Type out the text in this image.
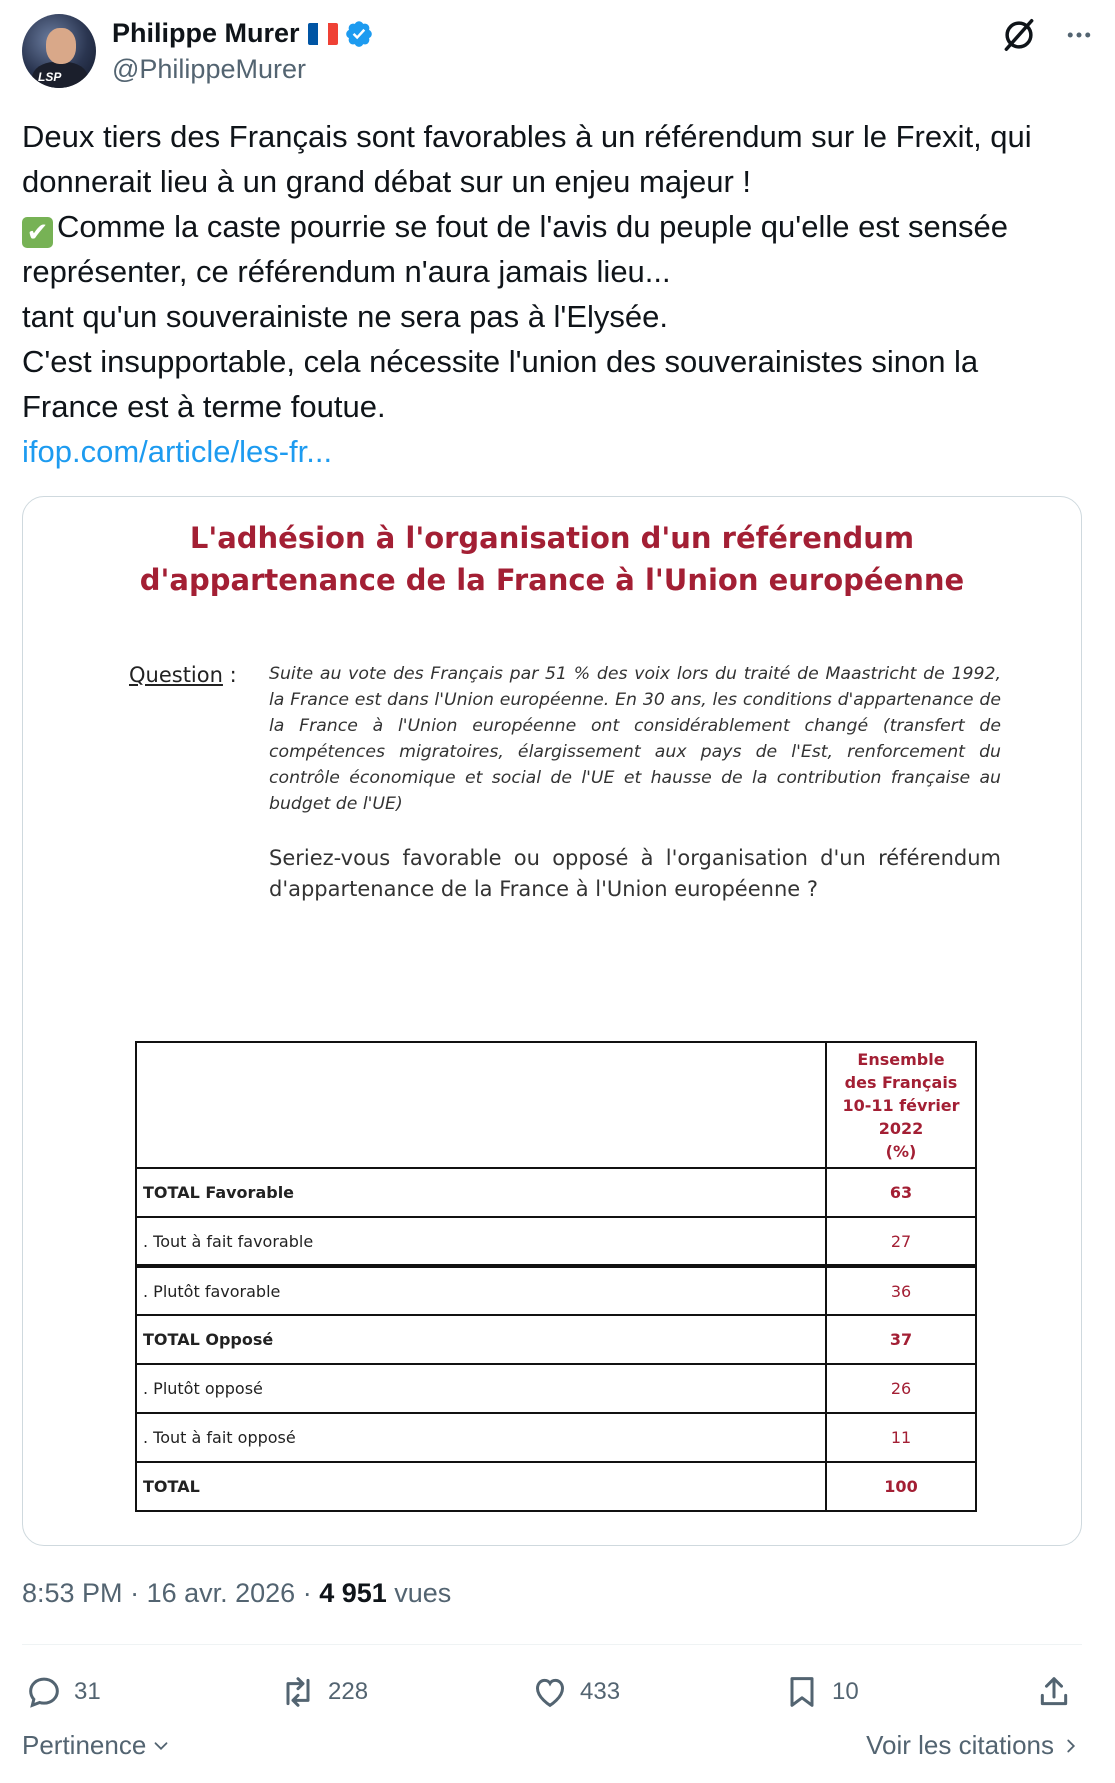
LSP
Philippe Murer
@PhilippeMurer

Deux tiers des Français sont favorables à un référendum sur le Frexit, qui

donnerait lieu à un grand débat sur un enjeu majeur !

✔ Comme la caste pourrie se fout de l'avis du peuple qu'elle est sensée

représenter, ce référendum n'aura jamais lieu...

tant qu'un souverainiste ne sera pas à l'Elysée.

C'est insupportable, cela nécessite l'union des souverainistes sinon la

France est à terme foutue.

ifop.com/article/les-fr...

L'adhésion à l'organisation d'un référendum
d'appartenance de la France à l'Union européenne
Question : Suite au vote des Français par 51 % des voix lors du traité de Maastricht de 1992, la France est dans l'Union européenne. En 30 ans, les conditions d'appartenance de la France à l'Union européenne ont considérablement changé (transfert de compétences migratoires, élargissement aux pays de l'Est, renforcement du contrôle économique et social de l'UE et hausse de la contribution française au budget de l'UE)
Seriez-vous favorable ou opposé à l'organisation d'un référendum d'appartenance de la France à l'Union européenne ?

	Ensemble
des Français
10-11 février
2022
(%)

TOTAL Favorable	63
. Tout à fait favorable	27
. Plutôt favorable	36
TOTAL Opposé	37
. Plutôt opposé	26
. Tout à fait opposé	11
TOTAL	100
8:53 PM · 16 avr. 2026 · 4 951 vues
31	228	433	10
Pertinence	Voir les citations
